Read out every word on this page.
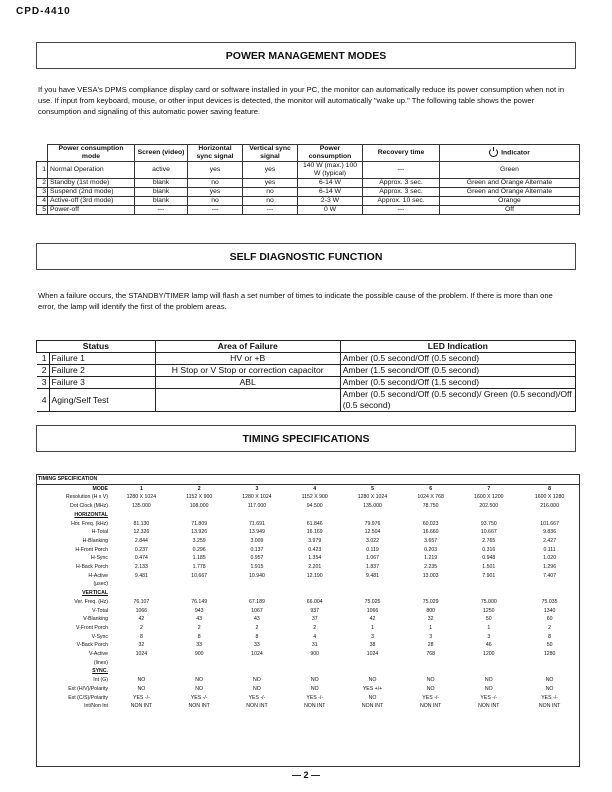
CPD-4410
POWER MANAGEMENT MODES
If you have VESA's DPMS compliance display card or software installed in your PC, the monitor can automatically reduce its power consumption when not in use. If input from keyboard, mouse, or other input devices is detected, the monitor will automatically "wake up." The following table shows the power consumption and signaling of this automatic power saving feature.
	Power consumption mode	Screen (video)	Horizontal sync signal	Vertical sync signal	Power consumption	Recovery time	Indicator
1	Normal Operation	active	yes	yes	140 W (max.) 100 W (typical)	---	Green
2	Standby (1st mode)	blank	no	yes	6-14 W	Approx. 3 sec.	Green and Orange Alternate
3	Suspend (2nd mode)	blank	yes	no	6-14 W	Approx. 3 sec.	Green and Orange Alternate
4	Active-off (3rd mode)	blank	no	no	2-3 W	Approx. 10 sec.	Orange
5	Power-off	---	---	---	0 W	---	Off
SELF DIAGNOSTIC FUNCTION
When a failure occurs, the STANDBY/TIMER lamp will flash a set number of times to indicate the possible cause of the problem. If there is more than one error, the lamp will identify the first of the problem areas.
Status		Area of Failure	LED Indication
1	Failure 1	HV or +B	Amber (0.5 second/Off (0.5 second)
2	Failure 2	H Stop or V Stop or correction capacitor	Amber (1.5 second/Off (0.5 second)
3	Failure 3	ABL	Amber (0.5 second/Off (1.5 second)
4	Aging/Self Test		Amber (0.5 second/Off (0.5 second)/ Green (0.5 second)/Off (0.5 second)
TIMING SPECIFICATIONS
TIMING SPECIFICATION								
MODE	1	2	3	4	5	6	7	8
Resolution (H x V)	1280 X 1024	1152 X 900	1280 X 1024	1152 X 900	1280 X 1024	1024 X 768	1600 X 1200	1600 X 1280
Dot Clock (MHz)	135.000	108.000	117.000	94.500	135.000	78.750	202.500	216.000
HORIZONTAL								
Hor. Freq. (kHz)	81.130	71.809	71.691	61.846	79.976	60.023	93.750	101.667
H-Total	12.326	13.926	13.949	16.169	12.504	16.660	10.667	9.836
H-Blanking	2.844	3.259	3.009	3.979	3.022	3.657	2.765	2.427
H-Front Porch	0.237	0.296	0.137	0.423	0.119	0.203	0.316	0.111
H-Sync	0.474	1.185	0.957	1.354	1.067	1.219	0.948	1.020
H-Back Porch	2.133	1.778	1.915	2.201	1.837	2.235	1.501	1.296
H-Active	9.481	10.667	10.940	12.190	9.481	13.003	7.901	7.407
(μsec)								
VERTICAL								
Ver. Freq. (Hz)	76.107	76.149	67.189	66.004	75.025	75.029	75.000	75.035
V-Total	1066	943	1067	937	1066	800	1250	1340
V-Blanking	42	43	43	37	42	32	50	60
V-Front Porch	2	2	2	2	1	1	1	2
V-Sync	8	8	8	4	3	3	3	8
V-Back Porch	32	33	33	31	38	28	46	50
V-Active	1024	900	1024	900	1024	768	1200	1280
(lines)								
SYNC.								
Int (G)	NO	NO	NO	NO	NO	NO	NO	NO
Ext (H/V)/Polarity	NO	NO	NO	NO	YES +/+	NO	NO	NO
Ext (C/S)/Polarity	YES -/-	YES -/-	YES -/-	YES -/-	NO	YES -/-	YES -/-	YES -/-
Int/Non Int	NON INT	NON INT	NON INT	NON INT	NON INT	NON INT	NON INT	NON INT
— 2 —
